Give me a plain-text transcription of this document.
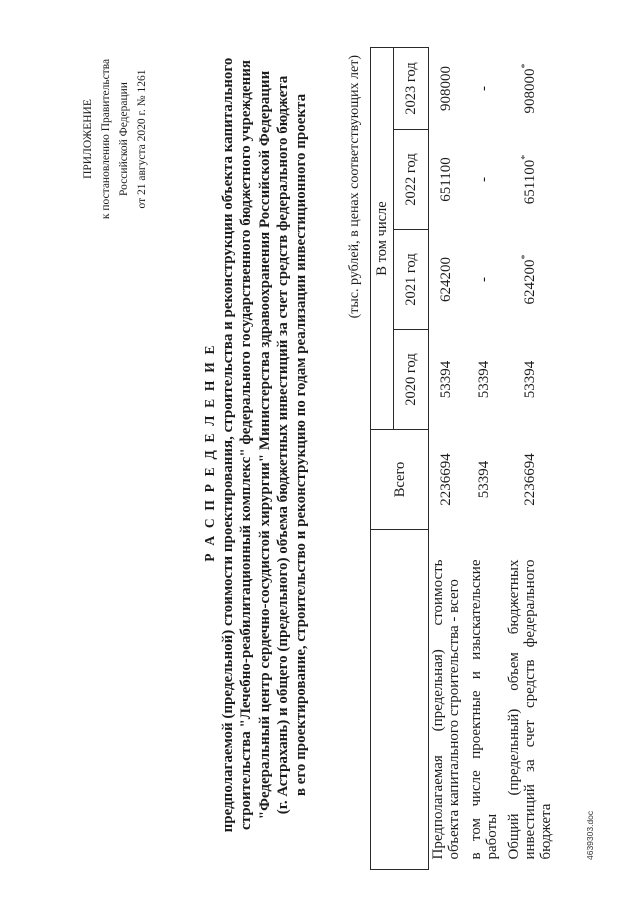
ПРИЛОЖЕНИЕ к постановлению Правительства Российской Федерации от 21 августа 2020 г. № 1261
Р А С П Р Е Д Е Л Е Н И Е предполагаемой (предельной) стоимости проектирования, строительства и реконструкции объекта капитального строительства "Лечебно-реабилитационный комплекс" федерального государственного бюджетного учреждения "Федеральный центр сердечно-сосудистой хирургии" Министерства здравоохранения Российской Федерации (г. Астрахань) и общего (предельного) объема бюджетных инвестиций за счет средств федерального бюджета в его проектирование, строительство и реконструкцию по годам реализации инвестиционного проекта	(тыс. рублей, в ценах соответствующих лет)
	Всего	В том числе			
		2020 год	2021 год	2022 год	2023 год

Предполагаемая (предельная) стоимость объекта капитального строительства - всего	2236694	53394	624200	651100	908000

в том числе проектные и изыскательские работы	53394	53394	-	-	-

Общий (предельный) объем бюджетных инвестиций за счет средств федерального бюджета	2236694	53394	624200*	651100*	908000*
4639303.doc
